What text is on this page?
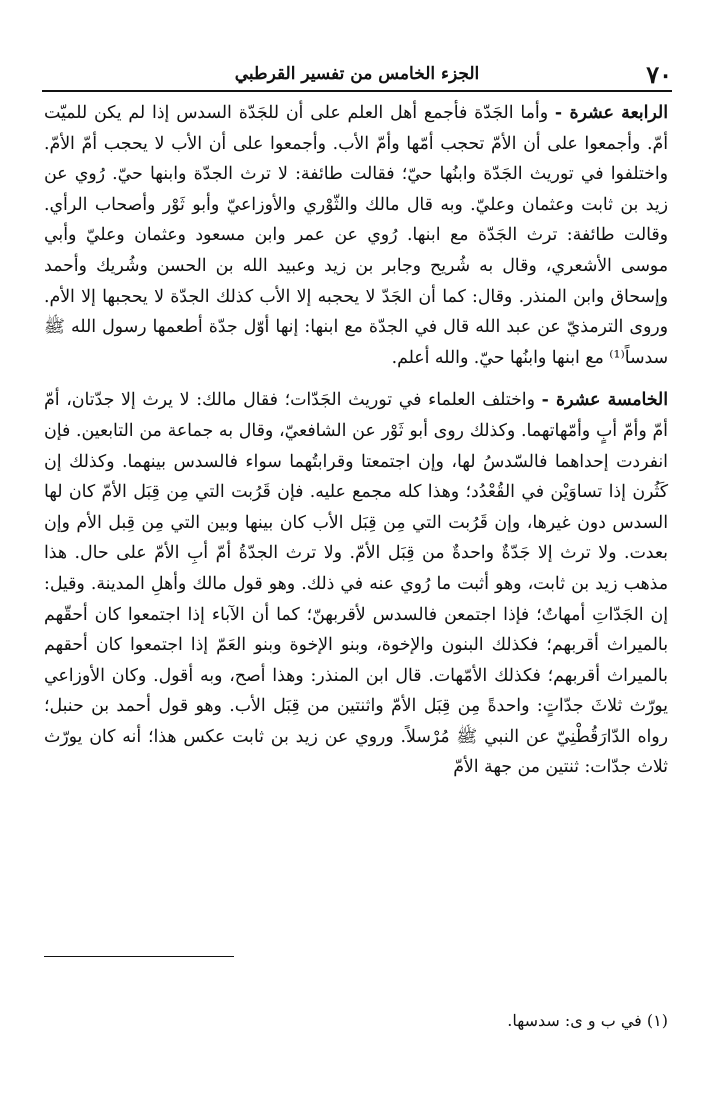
٧٠
الجزء الخامس من تفسير القرطبي

الرابعة عشرة - وأما الجَدّة فأجمع أهل العلم على أن للجَدّة السدس إذا لم يكن للميّت أمّ. وأجمعوا على أن الأمّ تحجب أمّها وأمّ الأب. وأجمعوا على أن الأب لا يحجب أمّ الأمّ. واختلفوا في توريث الجَدّة وابنُها حيّ؛ فقالت طائفة: لا ترث الجدّة وابنها حيّ. رُوي عن زيد بن ثابت وعثمان وعليّ. وبه قال مالك والثّوْري والأوزاعيّ وأبو ثَوْر وأصحاب الرأي. وقالت طائفة: ترث الجَدّة مع ابنها. رُوي عن عمر وابن مسعود وعثمان وعليّ وأبي موسى الأشعري، وقال به شُريح وجابر بن زيد وعبيد الله بن الحسن وشُريك وأحمد وإسحاق وابن المنذر. وقال: كما أن الجَدّ لا يحجبه إلا الأب كذلك الجدّة لا يحجبها إلا الأم. وروى الترمذيّ عن عبد الله قال في الجدّة مع ابنها: إنها أوّل جدّة أطعمها رسول الله ﷺ سدساً⁽¹⁾ مع ابنها وابنُها حيّ. والله أعلم.

الخامسة عشرة - واختلف العلماء في توريث الجَدّات؛ فقال مالك: لا يرث إلا جدّتان، أمّ أمّ وأمّ أبٍ وأمّهاتهما. وكذلك روى أبو ثَوْر عن الشافعيّ، وقال به جماعة من التابعين. فإن انفردت إحداهما فالسّدسُ لها، وإن اجتمعتا وقرابتُهما سواء فالسدس بينهما. وكذلك إن كَثُرن إذا تساوَيْن في القُعْدُد؛ وهذا كله مجمع عليه. فإن قَرُبت التي مِن قِبَل الأمّ كان لها السدس دون غيرها، وإن قَرُبت التي مِن قِبَل الأب كان بينها وبين التي مِن قِبل الأم وإن بعدت. ولا ترث إلا جَدّةٌ واحدةٌ من قِبَل الأمّ. ولا ترث الجدّةُ أمّ أبِ الأمّ على حال. هذا مذهب زيد بن ثابت، وهو أثبت ما رُوي عنه في ذلك. وهو قول مالك وأهلِ المدينة. وقيل: إن الجَدّاتِ أمهاتٌ؛ فإذا اجتمعن فالسدس لأقربهنّ؛ كما أن الآباء إذا اجتمعوا كان أحقّهم بالميراث أقربهم؛ فكذلك البنون والإخوة، وبنو الإخوة وبنو العَمّ إذا اجتمعوا كان أحقهم بالميراث أقربهم؛ فكذلك الأمّهات. قال ابن المنذر: وهذا أصح، وبه أقول. وكان الأوزاعي يورّث ثلاثَ جدّاتٍ: واحدةً مِن قِبَل الأمّ واثنتين من قِبَل الأب. وهو قول أحمد بن حنبل؛ رواه الدّارَقُطْنِيّ عن النبي ﷺ مُرْسلاً. وروي عن زيد بن ثابت عكس هذا؛ أنه كان يورّث ثلاث جدّات: ثنتين من جهة الأمّ

(١) في ب و ى: سدسها.
